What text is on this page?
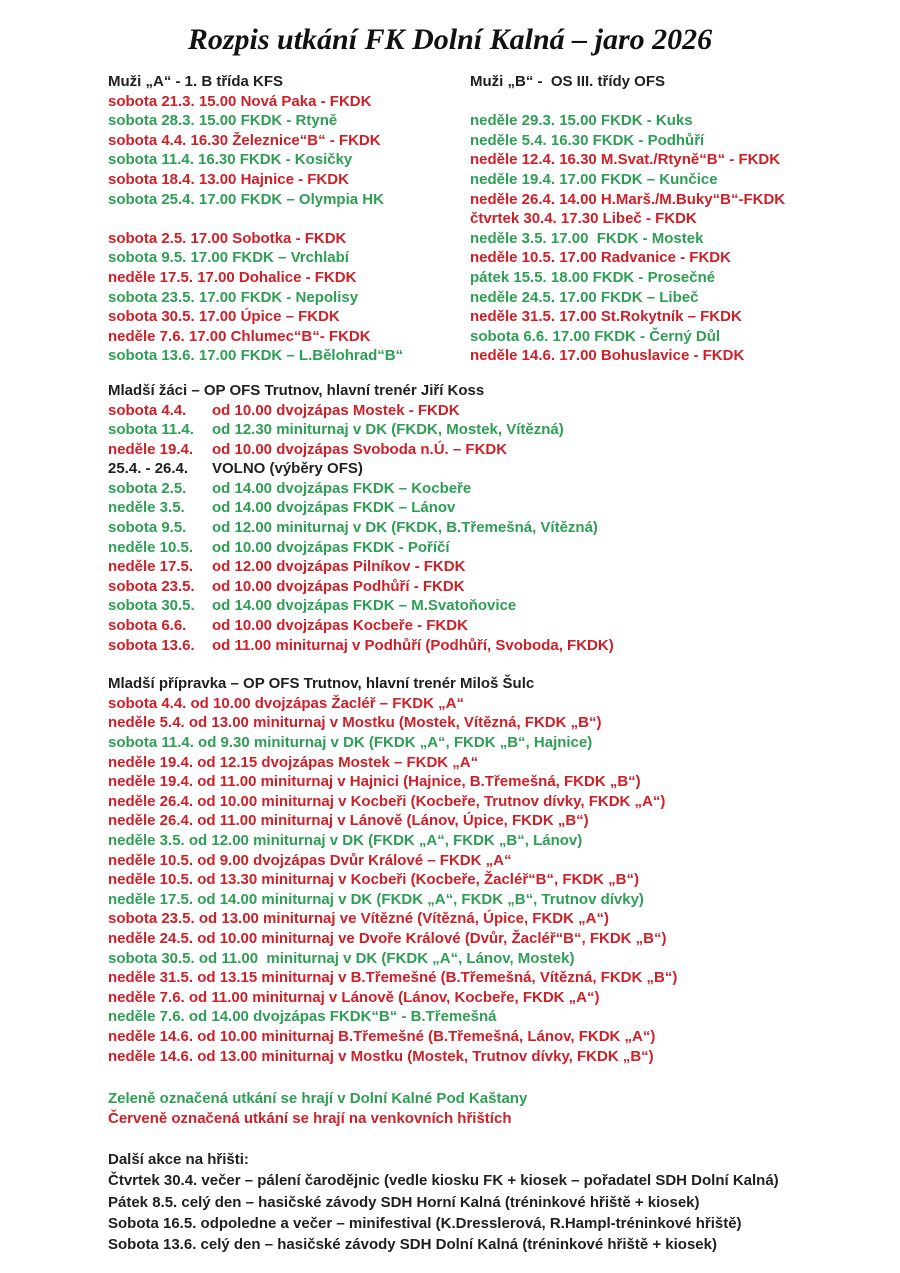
Rozpis utkání FK Dolní Kalná – jaro 2026
Muži „A“ - 1. B třída KFS
sobota 21.3. 15.00 Nová Paka - FKDK
sobota 28.3. 15.00 FKDK - Rtyně
sobota 4.4. 16.30 Železnice“B“ - FKDK
sobota 11.4. 16.30 FKDK - Kosičky
sobota 18.4. 13.00 Hajnice - FKDK
sobota 25.4. 17.00 FKDK – Olympia HK

sobota 2.5. 17.00 Sobotka - FKDK
sobota 9.5. 17.00 FKDK – Vrchlabí
neděle 17.5. 17.00 Dohalice - FKDK
sobota 23.5. 17.00 FKDK - Nepolisy
sobota 30.5. 17.00 Úpice – FKDK
neděle 7.6. 17.00 Chlumec“B“- FKDK
sobota 13.6. 17.00 FKDK – L.Bělohrad“B“
Muži „B“ -  OS III. třídy OFS

neděle 29.3. 15.00 FKDK - Kuks
neděle 5.4. 16.30 FKDK - Podhůří
neděle 12.4. 16.30 M.Svat./Rtyně“B“ - FKDK
neděle 19.4. 17.00 FKDK – Kunčice
neděle 26.4. 14.00 H.Marš./M.Buky“B“-FKDK
čtvrtek 30.4. 17.30 Libeč - FKDK
neděle 3.5. 17.00  FKDK - Mostek
neděle 10.5. 17.00 Radvanice - FKDK
pátek 15.5. 18.00 FKDK - Prosečné
neděle 24.5. 17.00 FKDK – Libeč
neděle 31.5. 17.00 St.Rokytník – FKDK
sobota 6.6. 17.00 FKDK - Černý Důl
neděle 14.6. 17.00 Bohuslavice - FKDK
Mladší žáci – OP OFS Trutnov, hlavní trenér Jiří Koss
sobota 4.4. od 10.00 dvojzápas Mostek - FKDK
sobota 11.4. od 12.30 miniturnaj v DK (FKDK, Mostek, Vítězná)
neděle 19.4. od 10.00 dvojzápas Svoboda n.Ú. – FKDK
25.4. - 26.4. VOLNO (výběry OFS)
sobota 2.5. od 14.00 dvojzápas FKDK – Kocbeře
neděle 3.5. od 14.00 dvojzápas FKDK – Lánov
sobota 9.5. od 12.00 miniturnaj v DK (FKDK, B.Třemešná, Vítězná)
neděle 10.5. od 10.00 dvojzápas FKDK - Poříčí
neděle 17.5. od 12.00 dvojzápas Pilníkov - FKDK
sobota 23.5. od 10.00 dvojzápas Podhůří - FKDK
sobota 30.5. od 14.00 dvojzápas FKDK – M.Svatoňovice
sobota 6.6. od 10.00 dvojzápas Kocbeře - FKDK
sobota 13.6. od 11.00 miniturnaj v Podhůří (Podhůří, Svoboda, FKDK)
Mladší přípravka – OP OFS Trutnov, hlavní trenér Miloš Šulc
sobota 4.4. od 10.00 dvojzápas Žacléř – FKDK „A“
neděle 5.4. od 13.00 miniturnaj v Mostku (Mostek, Vítězná, FKDK „B“)
sobota 11.4. od 9.30 miniturnaj v DK (FKDK „A“, FKDK „B“, Hajnice)
neděle 19.4. od 12.15 dvojzápas Mostek – FKDK „A“
neděle 19.4. od 11.00 miniturnaj v Hajnici (Hajnice, B.Třemešná, FKDK „B“)
neděle 26.4. od 10.00 miniturnaj v Kocbeři (Kocbeře, Trutnov dívky, FKDK „A“)
neděle 26.4. od 11.00 miniturnaj v Lánově (Lánov, Úpice, FKDK „B“)
neděle 3.5. od 12.00 miniturnaj v DK (FKDK „A“, FKDK „B“, Lánov)
neděle 10.5. od 9.00 dvojzápas Dvůr Králové – FKDK „A“
neděle 10.5. od 13.30 miniturnaj v Kocbeři (Kocbeře, Žacléř“B“, FKDK „B“)
neděle 17.5. od 14.00 miniturnaj v DK (FKDK „A“, FKDK „B“, Trutnov dívky)
sobota 23.5. od 13.00 miniturnaj ve Vítězné (Vítězná, Úpice, FKDK „A“)
neděle 24.5. od 10.00 miniturnaj ve Dvoře Králové (Dvůr, Žacléř“B“, FKDK „B“)
sobota 30.5. od 11.00  miniturnaj v DK (FKDK „A“, Lánov, Mostek)
neděle 31.5. od 13.15 miniturnaj v B.Třemešné (B.Třemešná, Vítězná, FKDK „B“)
neděle 7.6. od 11.00 miniturnaj v Lánově (Lánov, Kocbeře, FKDK „A“)
neděle 7.6. od 14.00 dvojzápas FKDK“B“ - B.Třemešná
neděle 14.6. od 10.00 miniturnaj B.Třemešné (B.Třemešná, Lánov, FKDK „A“)
neděle 14.6. od 13.00 miniturnaj v Mostku (Mostek, Trutnov dívky, FKDK „B“)
Zeleně označená utkání se hrají v Dolní Kalné Pod Kaštany
Červeně označená utkání se hrají na venkovních hřištích
Další akce na hřišti:
Čtvrtek 30.4. večer – pálení čarodějnic (vedle kiosku FK + kiosek – pořadatel SDH Dolní Kalná)
Pátek 8.5. celý den – hasičské závody SDH Horní Kalná (tréninkové hřiště + kiosek)
Sobota 16.5. odpoledne a večer – minifestival (K.Dresslerová, R.Hampl-tréninkové hřiště)
Sobota 13.6. celý den – hasičské závody SDH Dolní Kalná (tréninkové hřiště + kiosek)
